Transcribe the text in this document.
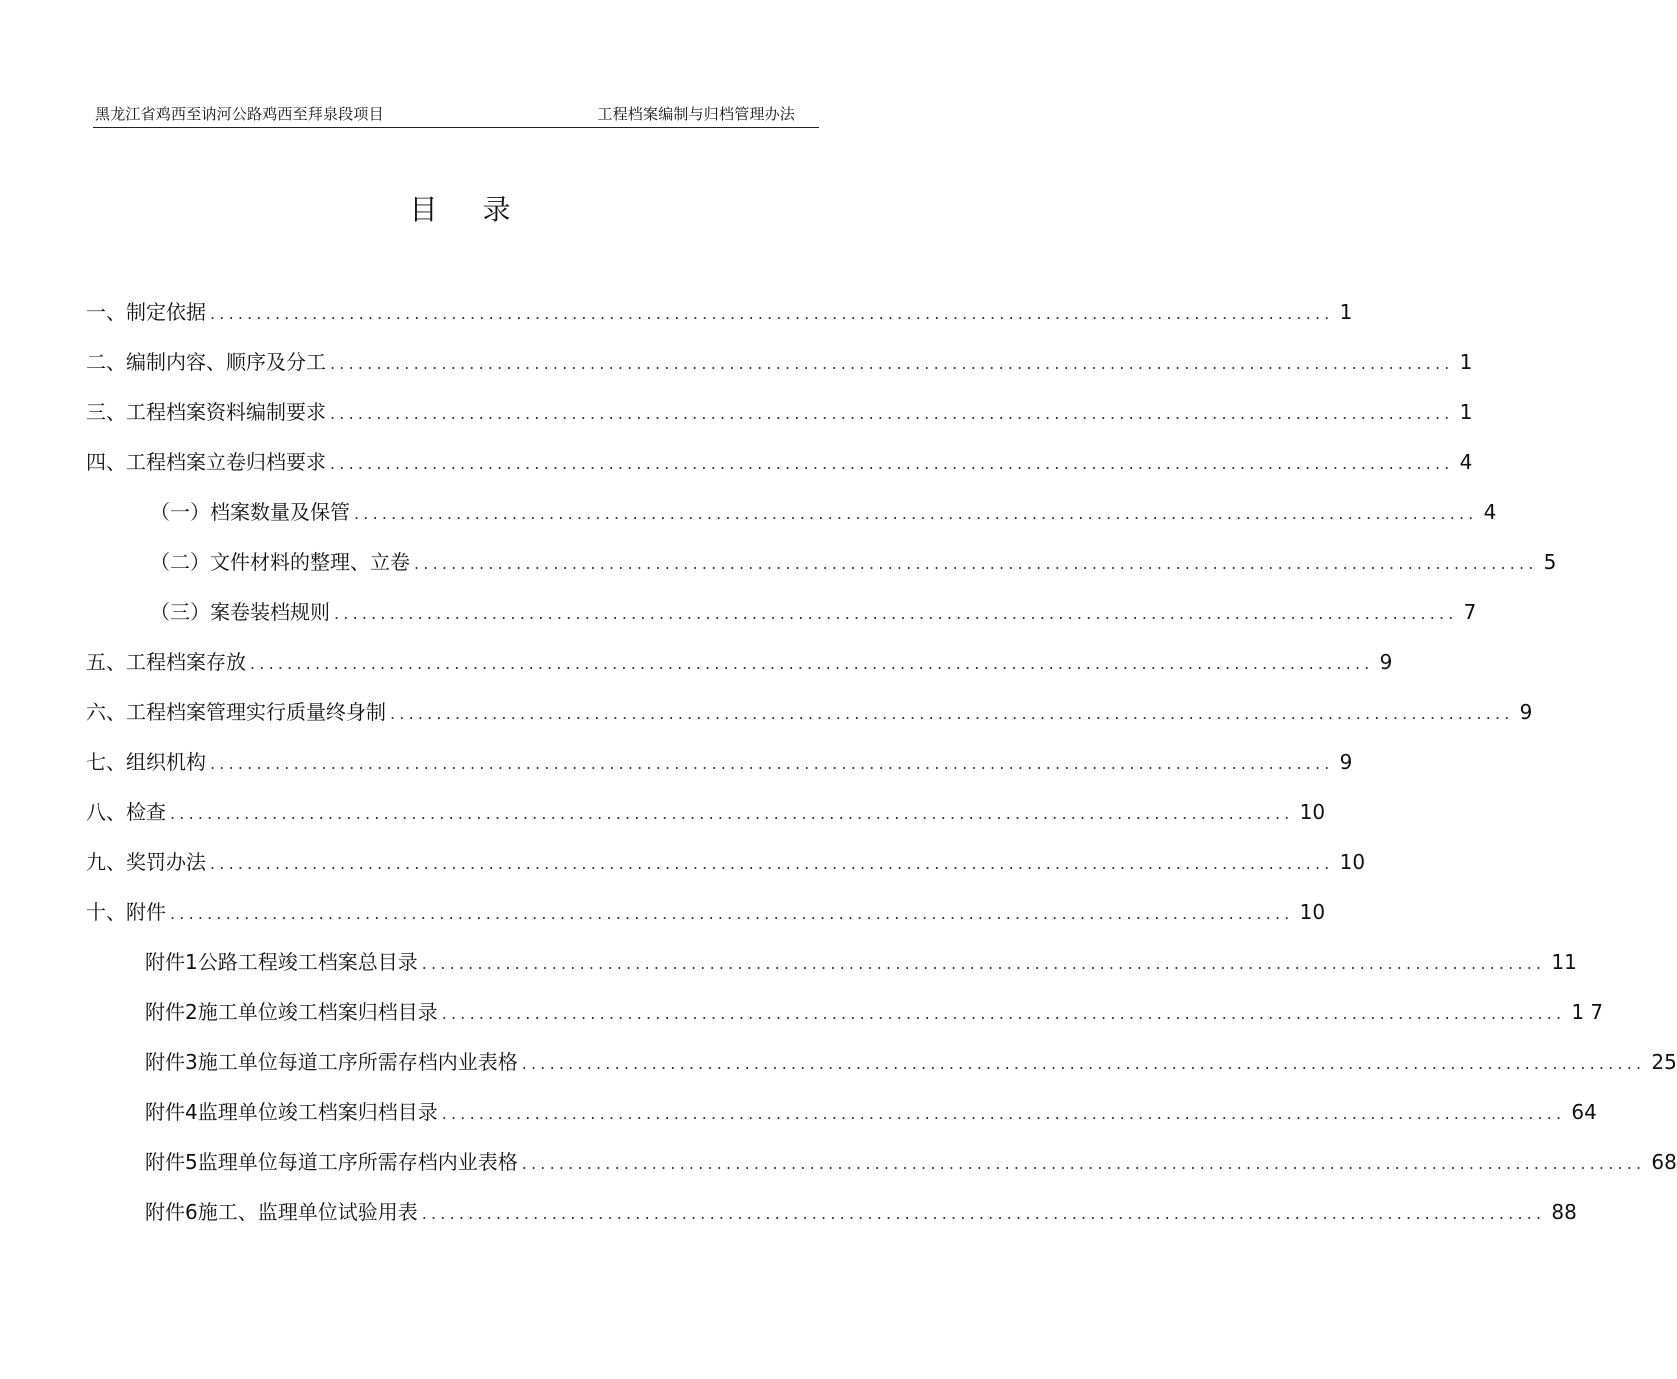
黑龙江省鸡西至讷河公路鸡西至拜泉段项目	工程档案编制与归档管理办法
目 录
一、制定依据 ......................................................................................................................... 1
二、编制内容、顺序及分工 ......................................................................................................................... 1
三、工程档案资料编制要求 ......................................................................................................................... 1
四、工程档案立卷归档要求 ......................................................................................................................... 4
（一）档案数量及保管 ......................................................................................................................... 4
（二）文件材料的整理、立卷 ......................................................................................................................... 5
（三）案卷装档规则 ......................................................................................................................... 7
五、工程档案存放 ......................................................................................................................... 9
六、工程档案管理实行质量终身制 ......................................................................................................................... 9
七、组织机构 ......................................................................................................................... 9
八、检查 ......................................................................................................................... 10
九、奖罚办法 ......................................................................................................................... 10
十、附件 ......................................................................................................................... 10
附件1公路工程竣工档案总目录 ......................................................................................................................... 11
附件2施工单位竣工档案归档目录 ......................................................................................................................... 1 7
附件3施工单位每道工序所需存档内业表格 ......................................................................................................................... 25
附件4监理单位竣工档案归档目录 ......................................................................................................................... 64
附件5监理单位每道工序所需存档内业表格 ......................................................................................................................... 68
附件6施工、监理单位试验用表 ......................................................................................................................... 88
